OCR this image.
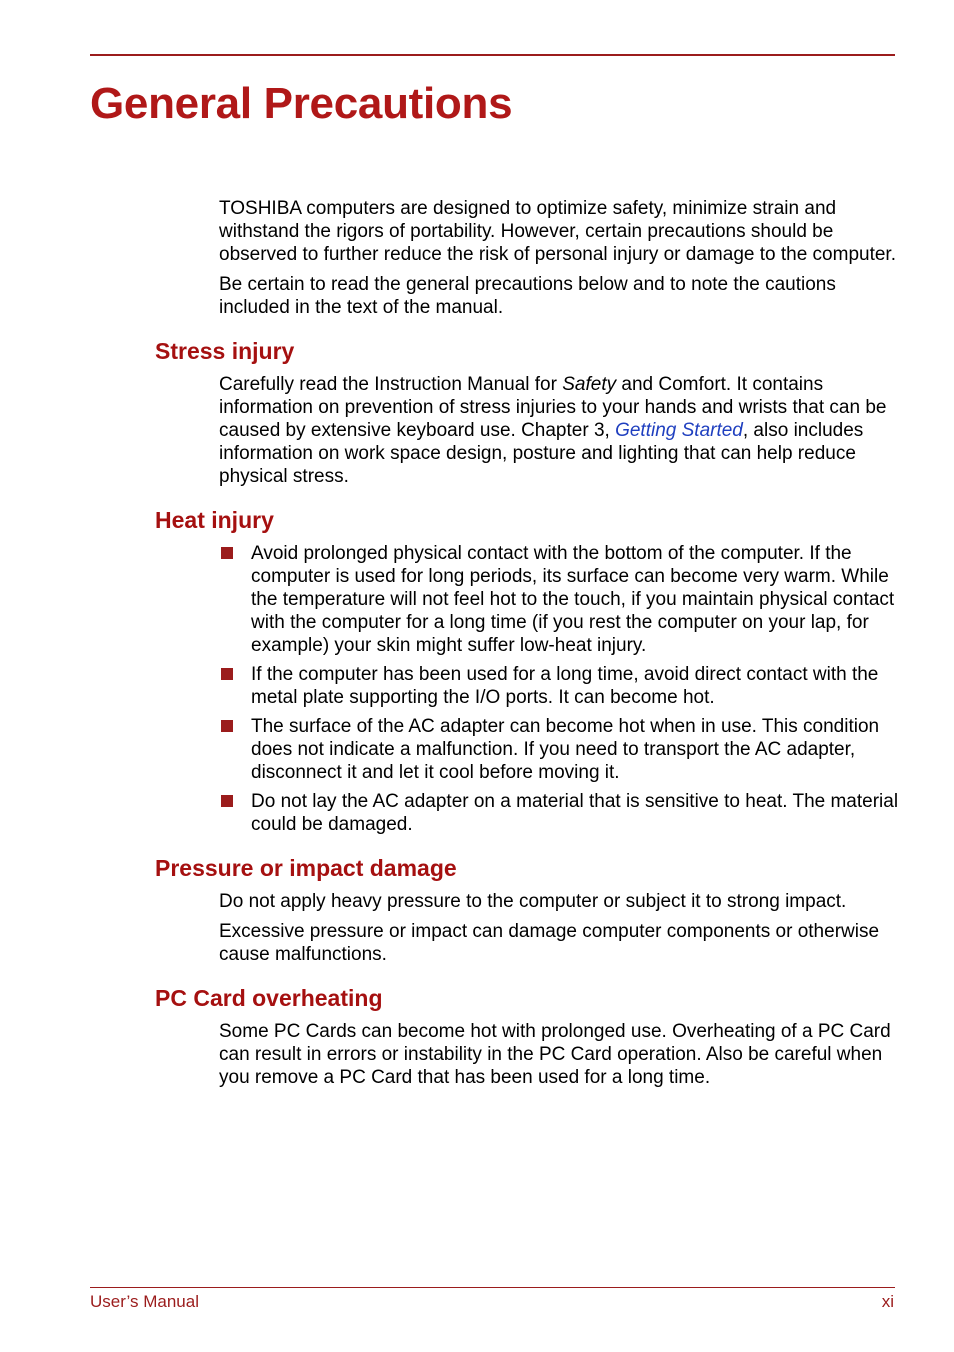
General Precautions

TOSHIBA computers are designed to optimize safety, minimize strain and withstand the rigors of portability. However, certain precautions should be observed to further reduce the risk of personal injury or damage to the computer.

Be certain to read the general precautions below and to note the cautions included in the text of the manual.

Stress injury

Carefully read the Instruction Manual for Safety and Comfort. It contains information on prevention of stress injuries to your hands and wrists that can be caused by extensive keyboard use. Chapter 3, Getting Started, also includes information on work space design, posture and lighting that can help reduce physical stress.

Heat injury
Avoid prolonged physical contact with the bottom of the computer. If the computer is used for long periods, its surface can become very warm. While the temperature will not feel hot to the touch, if you maintain physical contact with the computer for a long time (if you rest the computer on your lap, for example) your skin might suffer low-heat injury.
If the computer has been used for a long time, avoid direct contact with the metal plate supporting the I/O ports. It can become hot.
The surface of the AC adapter can become hot when in use. This condition does not indicate a malfunction. If you need to transport the AC adapter, disconnect it and let it cool before moving it.
Do not lay the AC adapter on a material that is sensitive to heat. The material could be damaged.
Pressure or impact damage

Do not apply heavy pressure to the computer or subject it to strong impact.

Excessive pressure or impact can damage computer components or otherwise cause malfunctions.

PC Card overheating

Some PC Cards can become hot with prolonged use. Overheating of a PC Card can result in errors or instability in the PC Card operation. Also be careful when you remove a PC Card that has been used for a long time.

User’s Manual	xi
